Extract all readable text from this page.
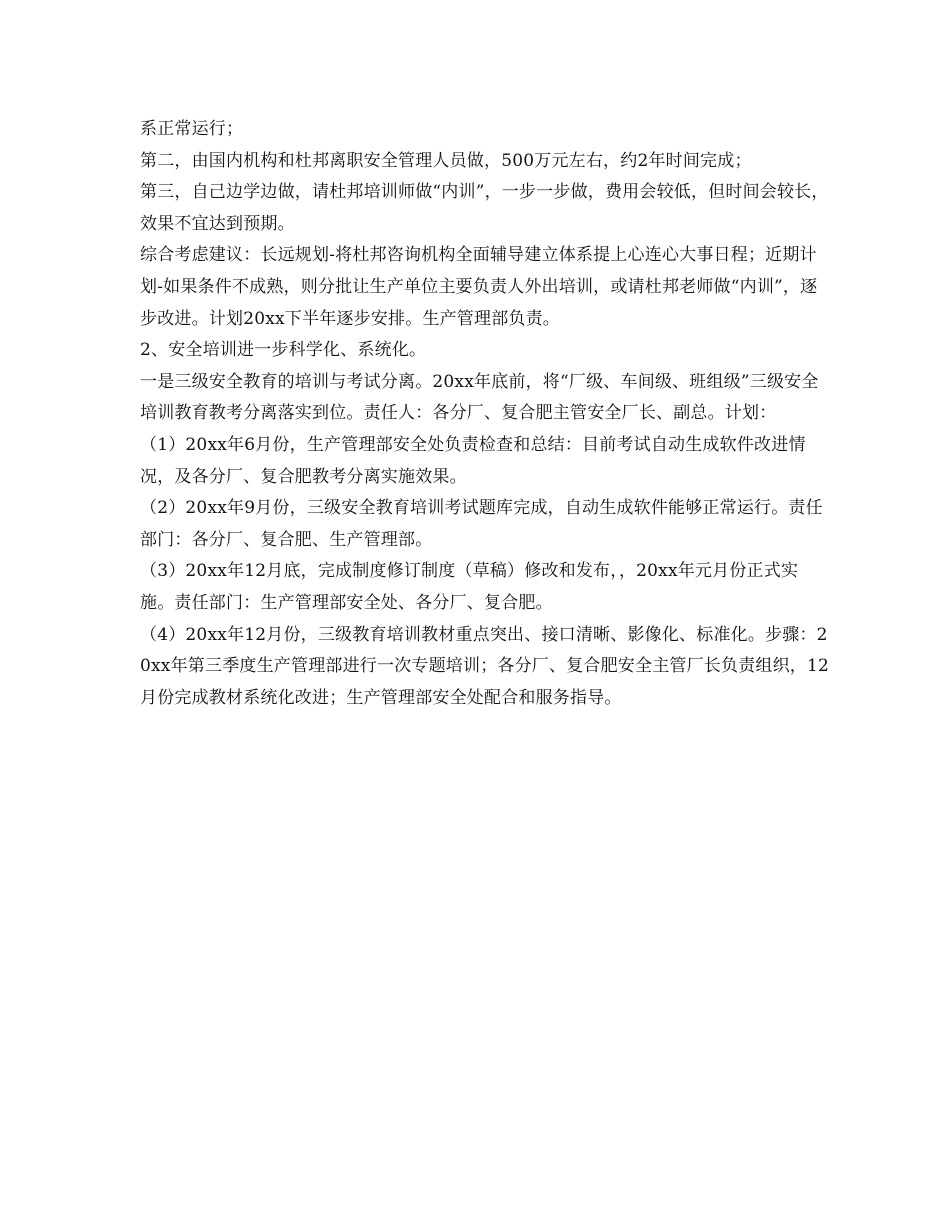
系正常运行；

第二，由国内机构和杜邦离职安全管理人员做，500万元左右，约2年时间完成；

第三，自己边学边做，请杜邦培训师做“内训”，一步一步做，费用会较低，但时间会较长，效果不宜达到预期。

综合考虑建议：长远规划-将杜邦咨询机构全面辅导建立体系提上心连心大事日程；近期计划-如果条件不成熟，则分批让生产单位主要负责人外出培训，或请杜邦老师做“内训”，逐步改进。计划20xx下半年逐步安排。生产管理部负责。

2、安全培训进一步科学化、系统化。

一是三级安全教育的培训与考试分离。20xx年底前，将“厂级、车间级、班组级”三级安全培训教育教考分离落实到位。责任人：各分厂、复合肥主管安全厂长、副总。计划：

（1）20xx年6月份，生产管理部安全处负责检查和总结：目前考试自动生成软件改进情况，及各分厂、复合肥教考分离实施效果。

（2）20xx年9月份，三级安全教育培训考试题库完成，自动生成软件能够正常运行。责任部门：各分厂、复合肥、生产管理部。

（3）20xx年12月底，完成制度修订制度（草稿）修改和发布，，20xx年元月份正式实施。责任部门：生产管理部安全处、各分厂、复合肥。

（4）20xx年12月份，三级教育培训教材重点突出、接口清晰、影像化、标准化。步骤：20xx年第三季度生产管理部进行一次专题培训；各分厂、复合肥安全主管厂长负责组织，12月份完成教材系统化改进；生产管理部安全处配合和服务指导。
